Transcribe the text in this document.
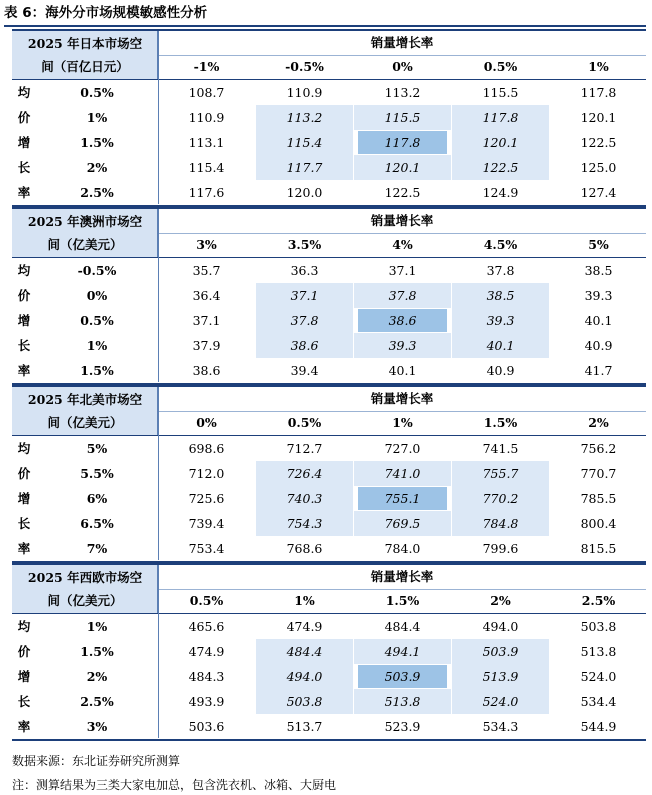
表 6：海外分市场规模敏感性分析
2025 年日本市场空
间（百亿日元）
销量增长率
-1%	-0.5%	0%	0.5%	1%
均	0.5%	108.7	110.9	113.2	115.5	117.8
价	1%	110.9	113.2	115.5	117.8	120.1
增	1.5%	113.1	115.4	117.8	120.1	122.5
长	2%	115.4	117.7	120.1	122.5	125.0
率	2.5%	117.6	120.0	122.5	124.9	127.4
2025 年澳洲市场空
间（亿美元）
销量增长率
3%	3.5%	4%	4.5%	5%
均	-0.5%	35.7	36.3	37.1	37.8	38.5
价	0%	36.4	37.1	37.8	38.5	39.3
增	0.5%	37.1	37.8	38.6	39.3	40.1
长	1%	37.9	38.6	39.3	40.1	40.9
率	1.5%	38.6	39.4	40.1	40.9	41.7
2025 年北美市场空
间（亿美元）
销量增长率
0%	0.5%	1%	1.5%	2%
均	5%	698.6	712.7	727.0	741.5	756.2
价	5.5%	712.0	726.4	741.0	755.7	770.7
增	6%	725.6	740.3	755.1	770.2	785.5
长	6.5%	739.4	754.3	769.5	784.8	800.4
率	7%	753.4	768.6	784.0	799.6	815.5
2025 年西欧市场空
间（亿美元）
销量增长率
0.5%	1%	1.5%	2%	2.5%
均	1%	465.6	474.9	484.4	494.0	503.8
价	1.5%	474.9	484.4	494.1	503.9	513.8
增	2%	484.3	494.0	503.9	513.9	524.0
长	2.5%	493.9	503.8	513.8	524.0	534.4
率	3%	503.6	513.7	523.9	534.3	544.9
数据来源：东北证券研究所测算
注：测算结果为三类大家电加总，包含洗衣机、冰箱、大厨电
